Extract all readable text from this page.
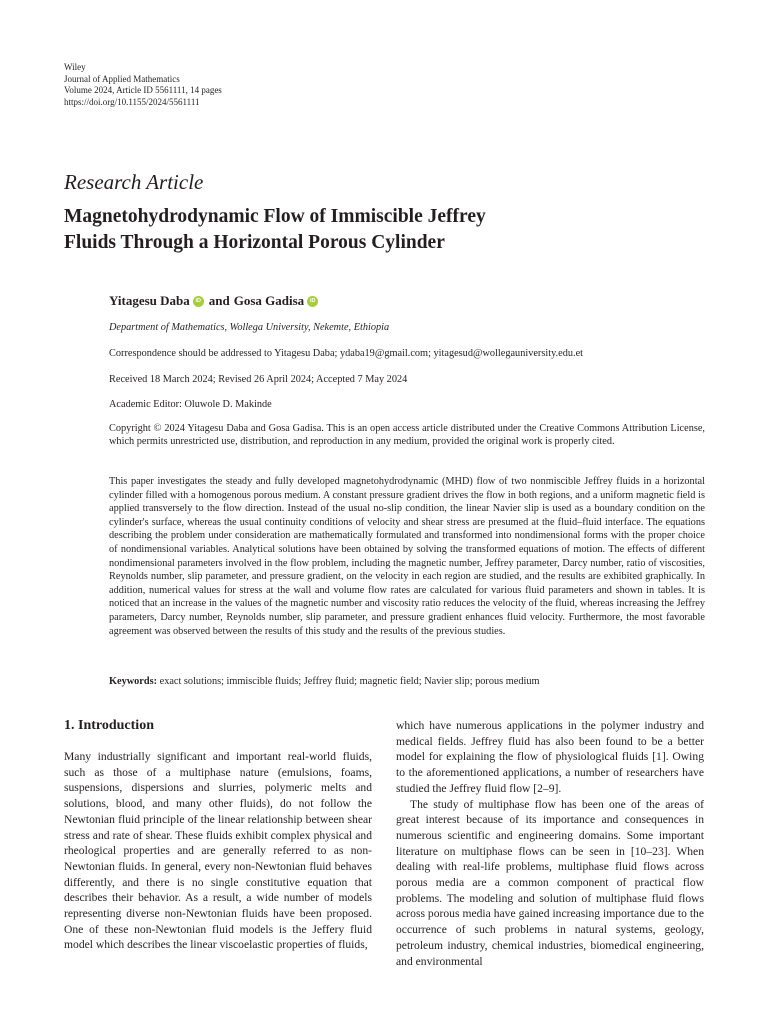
Wiley
Journal of Applied Mathematics
Volume 2024, Article ID 5561111, 14 pages
https://doi.org/10.1155/2024/5561111
Research Article
Magnetohydrodynamic Flow of Immiscible Jeffrey
Fluids Through a Horizontal Porous Cylinder
Yitagesu Daba	iD and Gosa Gadisa	iD
Department of Mathematics, Wollega University, Nekemte, Ethiopia
Correspondence should be addressed to Yitagesu Daba; ydaba19@gmail.com; yitagesud@wollegauniversity.edu.et
Received 18 March 2024; Revised 26 April 2024; Accepted 7 May 2024
Academic Editor: Oluwole D. Makinde
Copyright © 2024 Yitagesu Daba and Gosa Gadisa. This is an open access article distributed under the Creative Commons Attribution License, which permits unrestricted use, distribution, and reproduction in any medium, provided the original work is properly cited.
This paper investigates the steady and fully developed magnetohydrodynamic (MHD) flow of two nonmiscible Jeffrey fluids in a horizontal cylinder filled with a homogenous porous medium. A constant pressure gradient drives the flow in both regions, and a uniform magnetic field is applied transversely to the flow direction. Instead of the usual no-slip condition, the linear Navier slip is used as a boundary condition on the cylinder's surface, whereas the usual continuity conditions of velocity and shear stress are presumed at the fluid–fluid interface. The equations describing the problem under consideration are mathematically formulated and transformed into nondimensional forms with the proper choice of nondimensional variables. Analytical solutions have been obtained by solving the transformed equations of motion. The effects of different nondimensional parameters involved in the flow problem, including the magnetic number, Jeffrey parameter, Darcy number, ratio of viscosities, Reynolds number, slip parameter, and pressure gradient, on the velocity in each region are studied, and the results are exhibited graphically. In addition, numerical values for stress at the wall and volume flow rates are calculated for various fluid parameters and shown in tables. It is noticed that an increase in the values of the magnetic number and viscosity ratio reduces the velocity of the fluid, whereas increasing the Jeffrey parameters, Darcy number, Reynolds number, slip parameter, and pressure gradient enhances fluid velocity. Furthermore, the most favorable agreement was observed between the results of this study and the results of the previous studies.
Keywords: exact solutions; immiscible fluids; Jeffrey fluid; magnetic field; Navier slip; porous medium
1. Introduction

Many industrially significant and important real-world fluids, such as those of a multiphase nature (emulsions, foams, suspensions, dispersions and slurries, polymeric melts and solutions, blood, and many other fluids), do not follow the Newtonian fluid principle of the linear relationship between shear stress and rate of shear. These fluids exhibit complex physical and rheological properties and are generally referred to as non-Newtonian fluids. In general, every non-Newtonian fluid behaves differently, and there is no single constitutive equation that describes their behavior. As a result, a wide number of models representing diverse non-Newtonian fluids have been proposed. One of these non-Newtonian fluid models is the Jeffery fluid model which describes the linear viscoelastic properties of fluids,

which have numerous applications in the polymer industry and medical fields. Jeffrey fluid has also been found to be a better model for explaining the flow of physiological fluids [1]. Owing to the aforementioned applications, a number of researchers have studied the Jeffrey fluid flow [2–9].

The study of multiphase flow has been one of the areas of great interest because of its importance and consequences in numerous scientific and engineering domains. Some important literature on multiphase flows can be seen in [10–23]. When dealing with real-life problems, multiphase fluid flows across porous media are a common component of practical flow problems. The modeling and solution of multiphase fluid flows across porous media have gained increasing importance due to the occurrence of such problems in natural systems, geology, petroleum industry, chemical industries, biomedical engineering, and environmental
